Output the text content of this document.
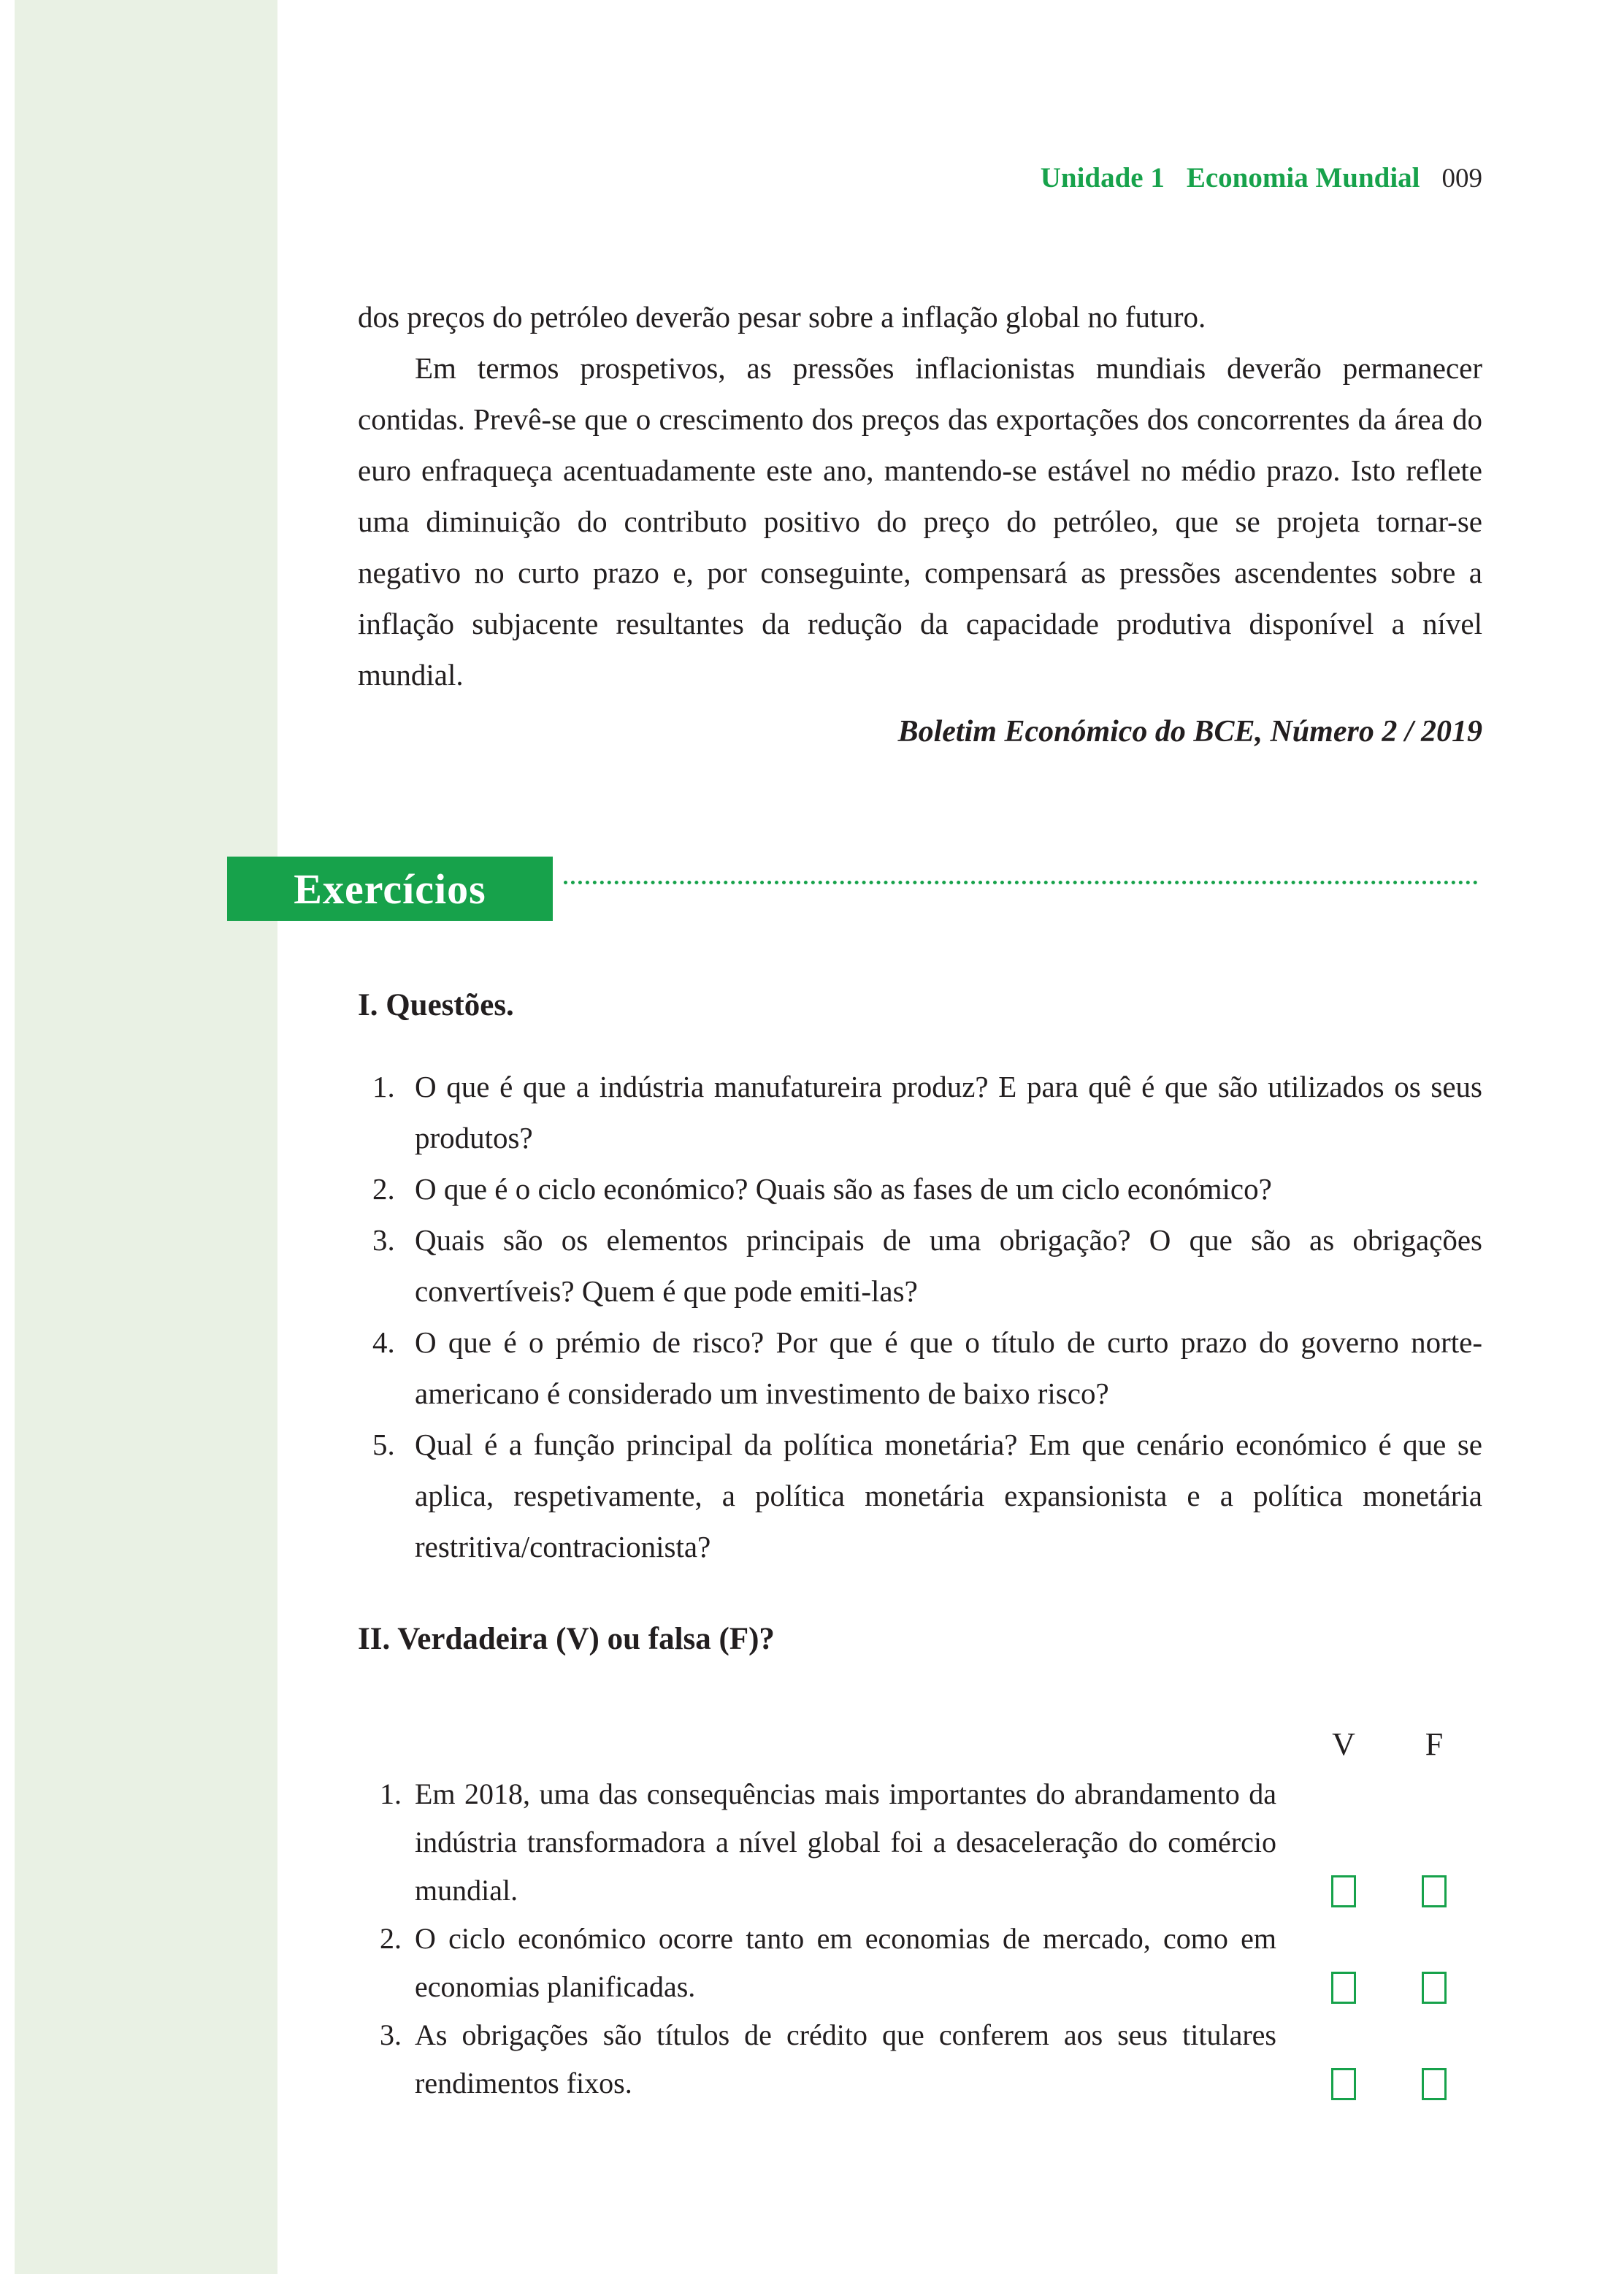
Exercícios
Unidade 1 Economia Mundial 009

dos preços do petróleo deverão pesar sobre a inflação global no futuro.

Em termos prospetivos, as pressões inflacionistas mundiais deverão permanecer contidas. Prevê-se que o crescimento dos preços das exportações dos concorrentes da área do euro enfraqueça acentuadamente este ano, mantendo-se estável no médio prazo. Isto reflete uma diminuição do contributo positivo do preço do petróleo, que se projeta tornar-se negativo no curto prazo e, por conseguinte, compensará as pressões ascendentes sobre a inflação subjacente resultantes da redução da capacidade produtiva disponível a nível mundial.

Boletim Económico do BCE, Número 2 / 2019
I. Questões.
1. O que é que a indústria manufatureira produz? E para quê é que são utilizados os seus produtos?
2. O que é o ciclo económico? Quais são as fases de um ciclo económico?
3. Quais são os elementos principais de uma obrigação? O que são as obrigações convertíveis? Quem é que pode emiti-las?
4. O que é o prémio de risco? Por que é que o título de curto prazo do governo norte-americano é considerado um investimento de baixo risco?
5. Qual é a função principal da política monetária? Em que cenário económico é que se aplica, respetivamente, a política monetária expansionista e a política monetária restritiva/contracionista?
II. Verdadeira (V) ou falsa (F)?
V F
1. Em 2018, uma das consequências mais importantes do abrandamento da indústria transformadora a nível global foi a desaceleração do comércio mundial.
2. O ciclo económico ocorre tanto em economias de mercado, como em economias planificadas.
3. As obrigações são títulos de crédito que conferem aos seus titulares rendimentos fixos.
